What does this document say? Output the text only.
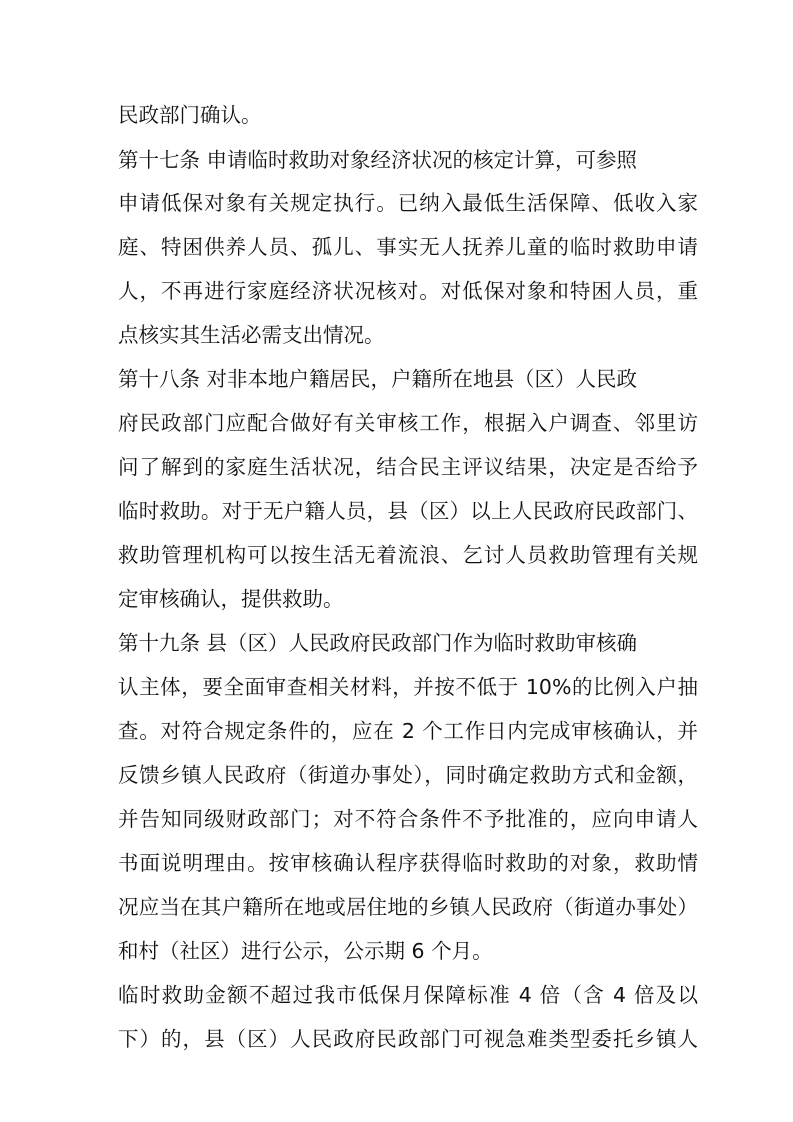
民政部门确认。
第十七条 申请临时救助对象经济状况的核定计算，可参照
申请低保对象有关规定执行。已纳入最低生活保障、低收入家
庭、特困供养人员、孤儿、事实无人抚养儿童的临时救助申请
人，不再进行家庭经济状况核对。对低保对象和特困人员，重
点核实其生活必需支出情况。
第十八条 对非本地户籍居民，户籍所在地县（区）人民政
府民政部门应配合做好有关审核工作，根据入户调查、邻里访
问了解到的家庭生活状况，结合民主评议结果，决定是否给予
临时救助。对于无户籍人员，县（区）以上人民政府民政部门、
救助管理机构可以按生活无着流浪、乞讨人员救助管理有关规
定审核确认，提供救助。
第十九条 县（区）人民政府民政部门作为临时救助审核确
认主体，要全面审查相关材料，并按不低于 10%的比例入户抽
查。对符合规定条件的，应在 2 个工作日内完成审核确认，并
反馈乡镇人民政府（街道办事处），同时确定救助方式和金额，
并告知同级财政部门；对不符合条件不予批准的，应向申请人
书面说明理由。按审核确认程序获得临时救助的对象，救助情
况应当在其户籍所在地或居住地的乡镇人民政府（街道办事处）
和村（社区）进行公示，公示期 6 个月。
临时救助金额不超过我市低保月保障标准 4 倍（含 4 倍及以
下）的，县（区）人民政府民政部门可视急难类型委托乡镇人
